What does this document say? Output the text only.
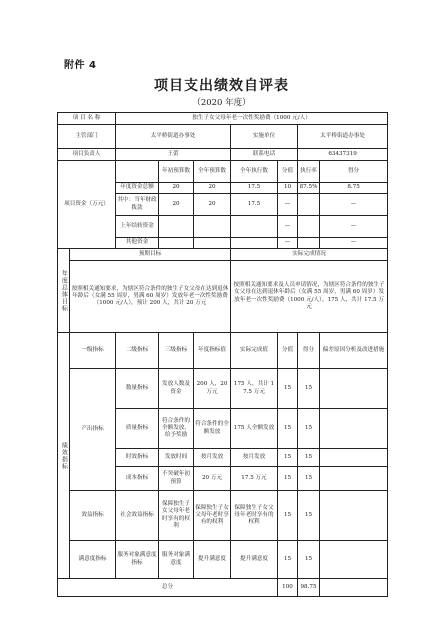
附件 4
项目支出绩效自评表
（2020 年度）
项 目 名 称		独生子女父母年老一次性奖励费（1000 元/人）						
主管部门		太平桥街道办事处			实施单位		太平桥街道办事处	
项目负责人		王蕾			联系电话		63437319	
项目资金（万元）			年初预算数	全年预算数	全年执行数	分值	执行率	得分
		年度资金总额	20	20	17.5	10	87.5%	8.75
		其中：当年财政拨款	20	20	17.5	—		—
		上年结转资金				—		—
		其他资金				—		—
年度总体目标	预期目标				实际完成情况			
	按照相关通知要求，为辖区符合条件的独生子女父母在达到退休年龄后（女满 55 周岁，男满 60 周岁）发放年老一次性奖励费（1000 元/人），预计 200 人，共计 20 万元				按照相关通知要求及人员申请情况，为辖区符合条件的独生子女父母在达到退休年龄后（女满 55 周岁，男满 60 周岁）发放年老一次性奖励费（1000 元/人），175 人，共计 17.5 万元			
绩效指标	一级指标	二级指标	三级指标	年度指标值	实际完成值	分值	得分	偏差原因分析及改进措施
	产出指标	数量指标	发放人数及资金	200 人，20 万元	175 人，共计 17.5 万元	15	15	
		质量指标	符合条件的全额发放，给予奖励	符合条件的全额发放	175 人全额发放	15	15	
		时效指标	发放时间	按月发放	按月发放	15	15	
		成本指标	不突破年初预算	20 万元	17.5 万元	15	15	
	效益指标	社会效益指标	保障独生子女父母年老时享有的权利	保障独生子女父母年老时享有的权利	保障独生子女父母年老时享有的权利	15	15	
	满意度指标	服务对象满意度指标	服务对象满意度	提升满意度	提升满意度	15	15	
总分						100	98.75	
